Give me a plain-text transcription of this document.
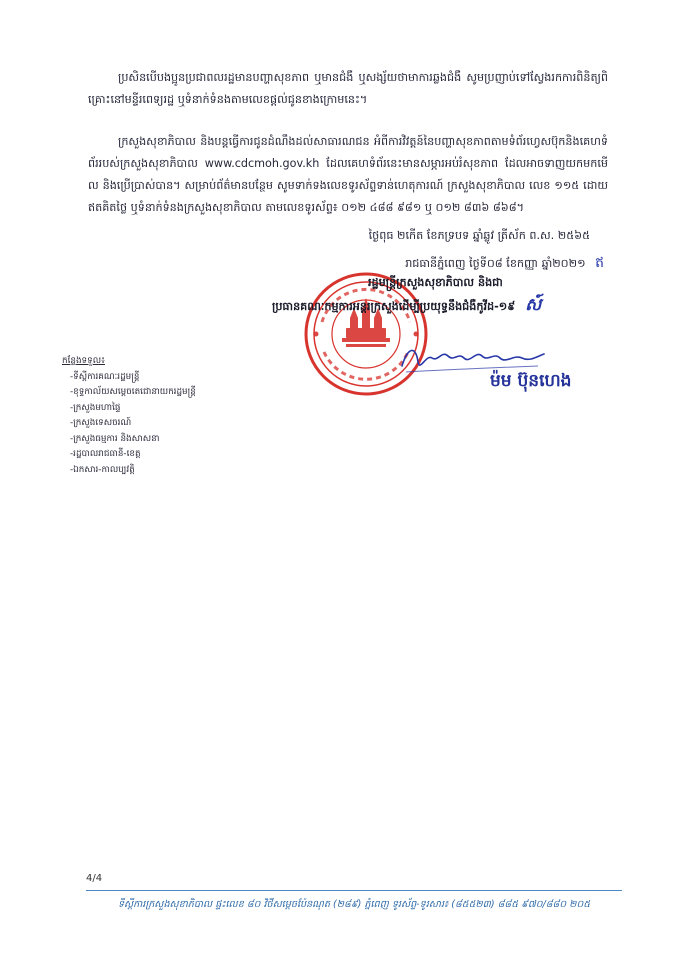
ប្រសិនបើបងប្អូនប្រជាពលរដ្ឋមានបញ្ហាសុខភាព ឬមានជំងឺ ឬសង្ស័យថាមាការឆ្លងជំងឺ សូមប្រញាប់ទៅស្វែងរកការពិនិត្យពិគ្រោះនៅមន្ទីរពេទ្យរដ្ឋ ឬទំនាក់ទំនងតាមលេខផ្តល់ជូនខាងក្រោមនេះ។

ក្រសួងសុខាភិបាល និងបន្តធ្វើការជូនដំណឹងដល់សាធារណជន អំពីការវិវត្តន៍នៃបញ្ហាសុខភាពតាមទំព័រហ្វេសប៊ុកនិងគេហទំព័ររបស់ក្រសួងសុខាភិបាល www.cdcmoh.gov.kh ដែលគេហទំព័រនេះមានសម្ភារអប់រំសុខភាព ដែលអាចទាញយកមកមើល និងប្រើប្រាស់បាន។ សម្រាប់ព័ត៌មានបន្ថែម សូមទាក់ទងលេខទូរស័ព្ទទាន់ហេតុការណ៍ ក្រសួងសុខាភិបាល លេខ ១១៥ ដោយឥតគិតថ្លៃ ឬទំនាក់ទំនងក្រសួងសុខាភិបាល តាមលេខទូរស័ព្ទ៖ ០១២ ៤៨៨ ៩៨១ ឬ ០១២ ៨៣៦ ៨៦៨។

ថ្ងៃពុធ ២កើត ខែភទ្របទ ឆ្នាំឆ្លូវ ត្រីស័ក ព.ស. ២៥៦៥
រាជធានីភ្នំពេញ ថ្ងៃទី០៨ ខែកញ្ញា ឆ្នាំ២០២១ ឥ
រដ្ឋមន្ត្រីក្រសួងសុខាភិបាល និងជា
ប្រធានគណៈកម្មការអន្តរក្រសួងដើម្បីប្រយុទ្ធនឹងជំងឺកូវីដ-១៩ ស៍
ម៉ម ប៊ុនហេង
កន្លែងទទួល៖
-ទីស្តីការគណៈរដ្ឋមន្ត្រី
-ខុទ្ទកាល័យសម្តេចតេជោនាយករដ្ឋមន្ត្រី
-ក្រសួងមហាផ្ទៃ
-ក្រសួងទេសចរណ៍
-ក្រសួងធម្មការ និងសាសនា
-រដ្ឋបាលរាជធានី-ខេត្ត
-ឯកសារ-កាលប្បវត្តិ
4/4
ទីស្តីការក្រសួងសុខាភិបាល ផ្ទះលេខ ៨០ វិថីសម្តេចប៉ែនណុត (២៨៩) ភ្នំពេញ ទូរស័ព្ទ-ទូរសារ៖ (៨៥៥២៣) ៨៨៥ ៩៧០/៨៨០ ២០៥
